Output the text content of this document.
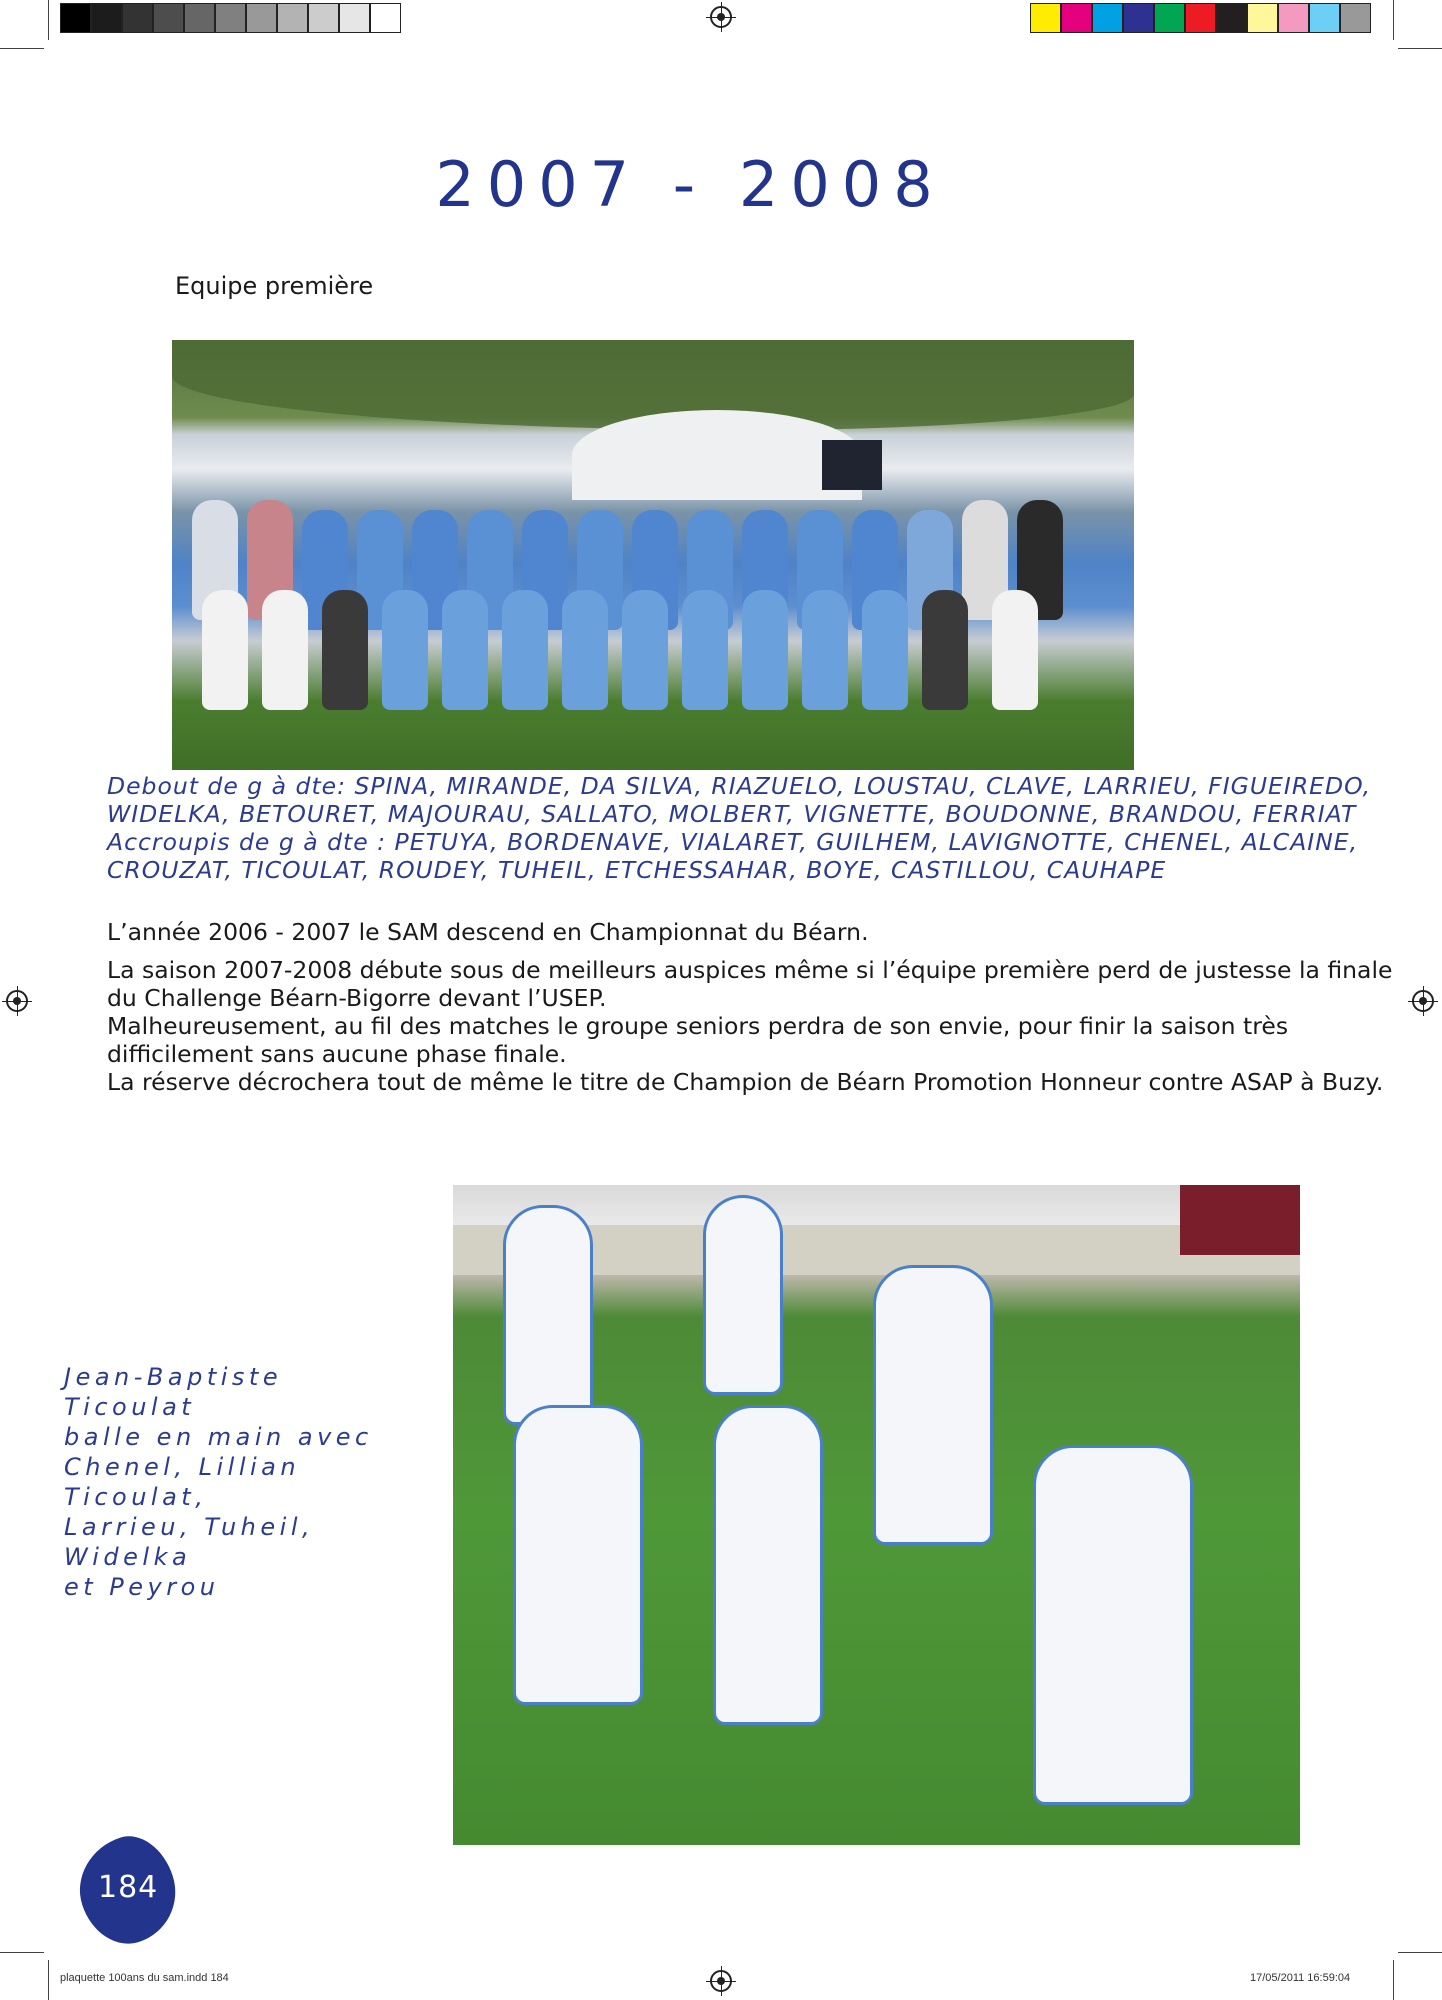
2007 - 2008
Equipe première

Debout de g à dte: SPINA, MIRANDE, DA SILVA, RIAZUELO, LOUSTAU, CLAVE, LARRIEU, FIGUEIREDO,

WIDELKA, BETOURET, MAJOURAU, SALLATO, MOLBERT, VIGNETTE, BOUDONNE, BRANDOU, FERRIAT

Accroupis de g à dte : PETUYA, BORDENAVE, VIALARET, GUILHEM, LAVIGNOTTE, CHENEL, ALCAINE,

CROUZAT, TICOULAT, ROUDEY, TUHEIL, ETCHESSAHAR, BOYE, CASTILLOU, CAUHAPE

L’année 2006 - 2007 le SAM descend en Championnat du Béarn.

La saison 2007-2008 débute sous de meilleurs auspices même si l’équipe première perd de justesse la finale

du Challenge Béarn-Bigorre devant l’USEP.

Malheureusement, au fil des matches le groupe seniors perdra de son envie, pour finir la saison très

difficilement sans aucune phase finale.

La réserve décrochera tout de même le titre de Champion de Béarn Promotion Honneur contre ASAP à Buzy.

Jean-Baptiste Ticoulat
balle en main avec
Chenel, Lillian Ticoulat,
Larrieu, Tuheil, Widelka
et Peyrou
184
plaquette 100ans du sam.indd 184	17/05/2011 16:59:04
